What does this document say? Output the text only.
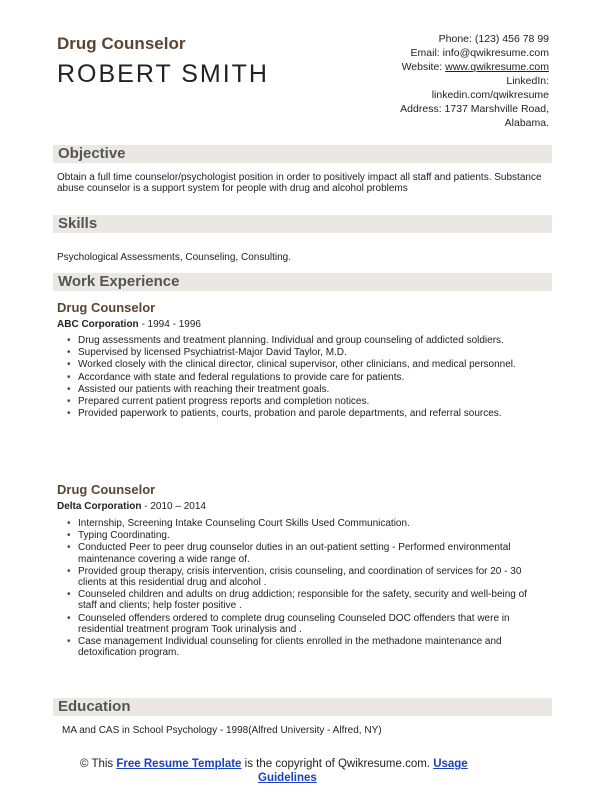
Drug Counselor
ROBERT SMITH
Phone: (123) 456 78 99
Email: info@qwikresume.com
Website: www.qwikresume.com
LinkedIn:
linkedin.com/qwikresume
Address: 1737 Marshville Road,
Alabama.
Objective
Obtain a full time counselor/psychologist position in order to positively impact all staff and patients. Substance abuse counselor is a support system for people with drug and alcohol problems
Skills
Psychological Assessments, Counseling, Consulting.
Work Experience
Drug Counselor
ABC Corporation - 1994 - 1996
• Drug assessments and treatment planning. Individual and group counseling of addicted soldiers.
• Supervised by licensed Psychiatrist-Major David Taylor, M.D.
• Worked closely with the clinical director, clinical supervisor, other clinicians, and medical personnel.
• Accordance with state and federal regulations to provide care for patients.
• Assisted our patients with reaching their treatment goals.
• Prepared current patient progress reports and completion notices.
• Provided paperwork to patients, courts, probation and parole departments, and referral sources.
Drug Counselor
Delta Corporation - 2010 – 2014
• Internship, Screening Intake Counseling Court Skills Used Communication.
• Typing Coordinating.
• Conducted Peer to peer drug counselor duties in an out-patient setting - Performed environmental maintenance covering a wide range of.
• Provided group therapy, crisis intervention, crisis counseling, and coordination of services for 20 - 30 clients at this residential drug and alcohol .
• Counseled children and adults on drug addiction; responsible for the safety, security and well-being of staff and clients; help foster positive .
• Counseled offenders ordered to complete drug counseling Counseled DOC offenders that were in residential treatment program Took urinalysis and .
• Case management Individual counseling for clients enrolled in the methadone maintenance and detoxification program.
Education
MA and CAS in School Psychology - 1998(Alfred University - Alfred, NY)
© This Free Resume Template is the copyright of Qwikresume.com. Usage
Guidelines
